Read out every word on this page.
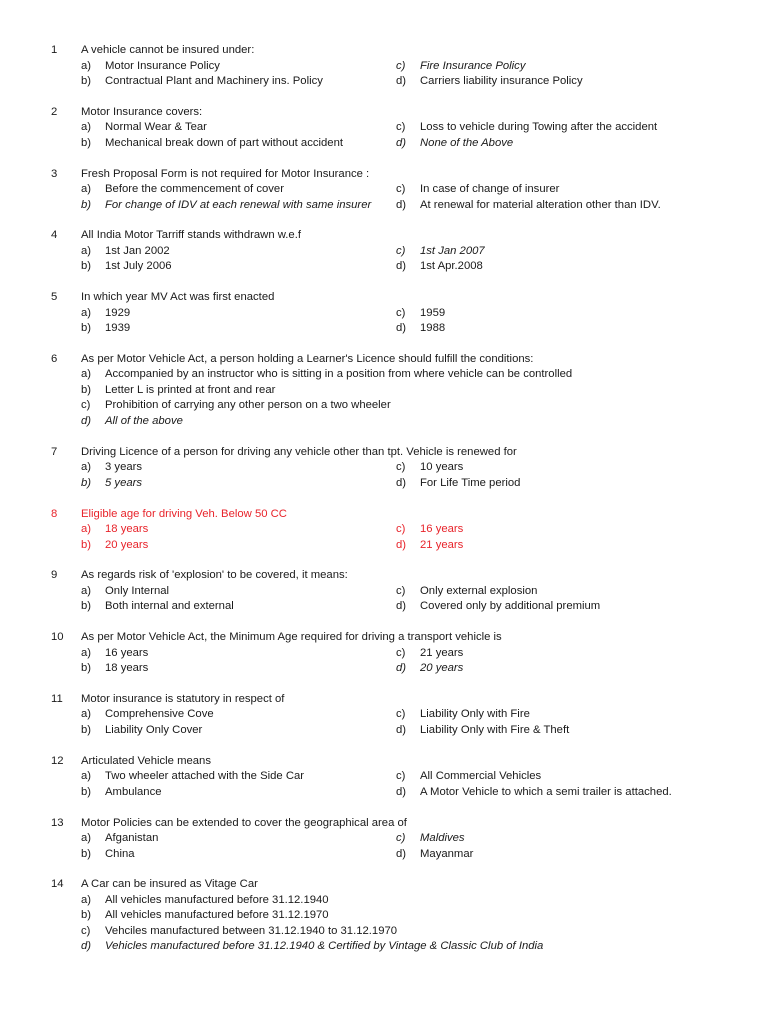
1 A vehicle cannot be insured under:
a) Motor Insurance Policy	c) Fire Insurance Policy
b) Contractual Plant and Machinery ins. Policy	d) Carriers liability insurance Policy
2 Motor Insurance covers:
a) Normal Wear & Tear	c) Loss to vehicle during Towing after the accident
b) Mechanical break down of part without accident	d) None of the Above
3 Fresh Proposal Form is not required for Motor Insurance :
a) Before the commencement of cover	c) In case of change of insurer
b) For change of IDV at each renewal with same insurer d) At renewal for material alteration other than IDV.
4 All India Motor Tarriff stands withdrawn w.e.f
a) 1st Jan 2002	c) 1st Jan 2007
b) 1st July 2006	d) 1st Apr.2008
5 In which year MV Act was first enacted
a) 1929	c) 1959
b) 1939	d) 1988
6 As per Motor Vehicle Act, a person holding a Learner's Licence should fulfill the conditions:
a) Accompanied by an instructor who is sitting in a position from where vehicle can be controlled
b) Letter L is printed at front and rear
c) Prohibition of carrying any other person on a two wheeler
d) All of the above
7 Driving Licence of a person for driving any vehicle other than tpt. Vehicle is renewed for
a) 3 years	c) 10 years
b) 5 years	d) For Life Time period
8 Eligible age for driving Veh. Below 50 CC
a) 18 years	c) 16 years
b) 20 years	d) 21 years
9 As regards risk of 'explosion' to be covered, it means:
a) Only Internal	c) Only external explosion
b) Both internal and external	d) Covered only by additional premium
10 As per Motor Vehicle Act, the Minimum Age required for driving a transport vehicle is
a) 16 years	c) 21 years
b) 18 years	d) 20 years
11 Motor insurance is statutory in respect of
a) Comprehensive Cove	c) Liability Only with Fire
b) Liability Only Cover	d) Liability Only with Fire & Theft
12 Articulated Vehicle means
a) Two wheeler attached with the Side Car	c) All Commercial Vehicles
b) Ambulance	d) A Motor Vehicle to which a semi trailer is attached.
13 Motor Policies can be extended to cover the geographical area of
a) Afganistan	c) Maldives
b) China	d) Mayanmar
14 A Car can be insured as Vitage Car
a) All vehicles manufactured before 31.12.1940
b) All vehicles manufactured before 31.12.1970
c) Vehciles manufactured between 31.12.1940 to 31.12.1970
d) Vehicles manufactured before 31.12.1940 & Certified by Vintage & Classic Club of India
